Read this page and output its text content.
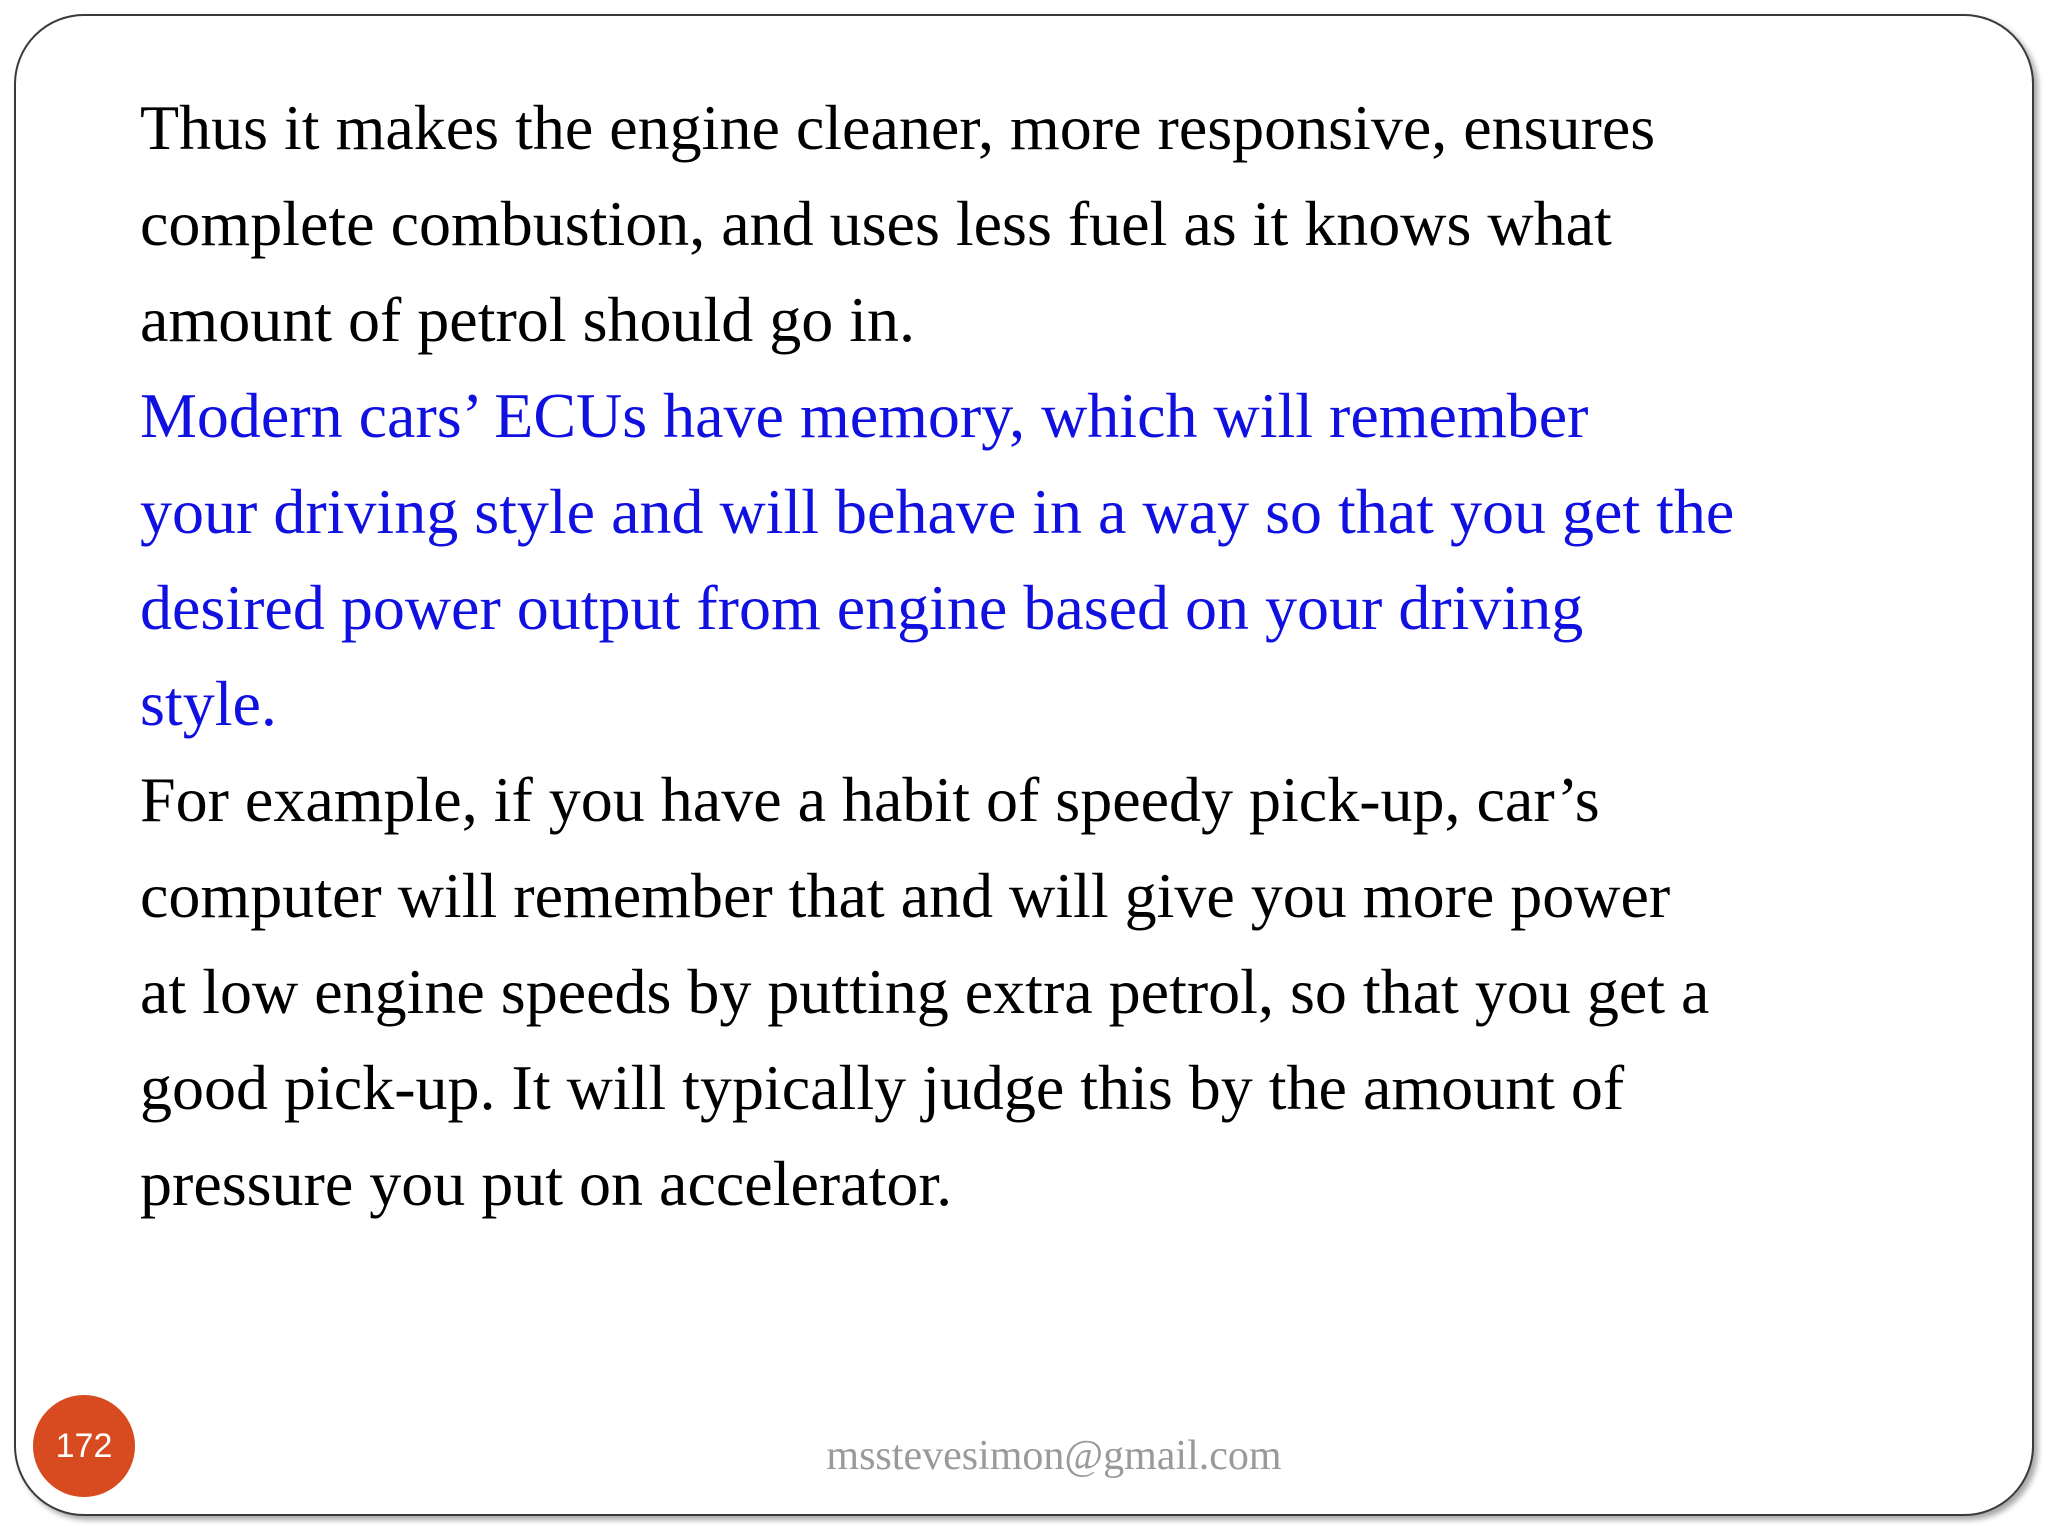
Thus it makes the engine cleaner, more responsive, ensures
complete combustion, and uses less fuel as it knows what
amount of petrol should go in.
Modern cars’ ECUs have memory, which will remember
your driving style and will behave in a way so that you get the
desired power output from engine based on your driving
style.
For example, if you have a habit of speedy pick-up, car’s
computer will remember that and will give you more power
at low engine speeds by putting extra petrol, so that you get a
good pick-up. It will typically judge this by the amount of
pressure you put on accelerator.
172	msstevesimon@gmail.com
